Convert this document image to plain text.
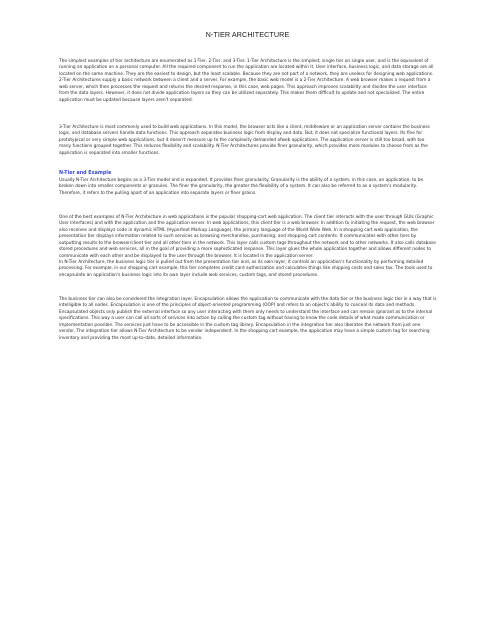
N-TIER ARCHITECTURE

The simplest examples of tier architecture are enumerated as 1-Tier, 2-Tier, and 3-Tier. 1-Tier Architecture is the simplest, single tier on single user, and is the equivalent of running an application on a personal computer. All the required component to run the application are located within it. User interface, business logic, and data storage are all located on the same machine. They are the easiest to design, but the least scalable. Because they are not part of a network, they are useless for designing web applications. 2-Tier Architectures supply a basic network between a client and a server. For example, the basic web model is a 2-Tier Architecture. A web browser makes a request from a web server, which then processes the request and returns the desired response, in this case, web pages. This approach improves scalability and divides the user interface from the data layers. However, it does not divide application layers so they can be utilized separately. This makes them difficult to update and not specialized. The entire application must be updated because layers aren't separated.

3-Tier Architecture is most commonly used to build web applications. In this model, the browser acts like a client, middleware or an application server contains the business logic, and database servers handle data functions. This approach separates business logic from display and data. But, it does not specialize functional layers. Its fine for prototypical or very simple web applications, but it doesn't measure up to the complexity demanded ofweb applications. The application server is still too broad, with too many functions grouped together. This reduces flexibility and scalability. N-Tier Architectures provide finer granularity, which provides more modules to choose from as the application is separated into smaller functions.

N-Tier and Example

Usually N-Tier Architecture begins as a 3-Tier model and is expanded. It provides finer granularity. Granularity is the ability of a system, in this case, an application, to be broken down into smaller components or granules. The finer the granularity, the greater the flexibility of a system. It can also be referred to as a system's modularity. Therefore, it refers to the pulling apart of an application into separate layers or finer grains.

One of the best examples of N-Tier Architecture in web applications is the popular shopping-cart web application. The client tier interacts with the user through GUIs (Graphic User Interfaces) and with the application and the application server. In web applications, this client tier is a web browser. In addition to initiating the request, the web browser also receives and displays code in dynamic HTML (Hypertext Markup Language), the primary language of the World Wide Web. In a shopping cart web application, the presentation tier displays information related to such services as browsing merchandise, purchasing, and shopping cart contents. It communicates with other tiers by outputting results to the browser/client tier and all other tiers in the network. This layer calls custom tags throughout the network and to other networks. It also calls database stored procedures and web services, all in the goal of providing a more sophisticated response. This layer glues the whole application together and allows different nodes to communicate with each other and be displayed to the user through the browser. It is located in the application server.

In N-Tier Architecture, the business logic tier is pulled out from the presentation tier and, as its own layer, it controls an application's functionality by performing detailed processing. For example, in our shopping cart example, this tier completes credit card authorization and calculates things like shipping costs and sales tax. The tools used to encapsulate an application's business logic into its own layer include web services, custom tags, and stored procedures.

The business tier can also be considered the integration layer. Encapsulation allows the application to communicate with the data tier or the business logic tier in a way that is intelligible to all nodes. Encapsulation is one of the principles of object-oriented programming (OOP) and refers to an object's ability to conceal its data and methods. Encapsulated objects only publish the external interface so any user interacting with them only needs to understand the interface and can remain ignorant as to the internal specifications. This way a user can call all sorts of services into action by calling the custom tag without having to know the code details of what made communication or implementation possible. The services just have to be accessible in the custom tag library. Encapsulation in the integration tier also liberates the network from just one vendor. The integration tier allows N-Tier Architecture to be vendor independent. In the shopping cart example, the application may have a simple custom tag for searching inventory and providing the most up-to-date, detailed information.
